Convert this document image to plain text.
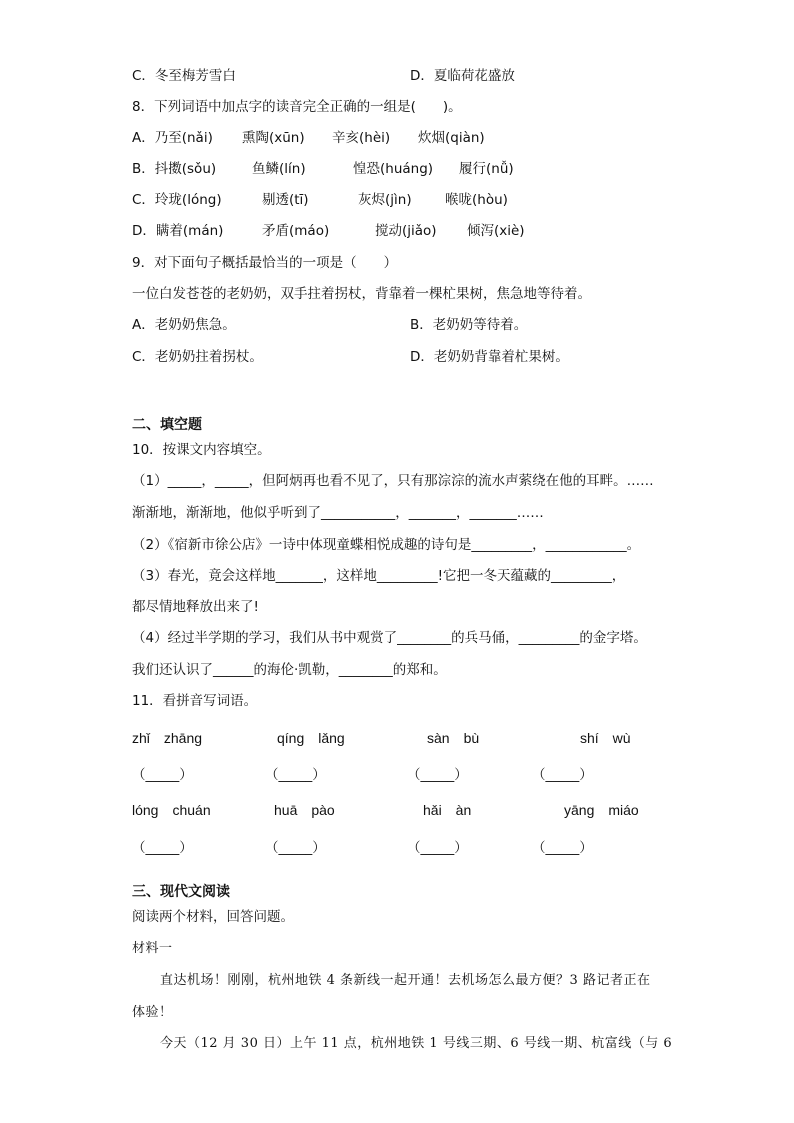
C．冬至梅芳雪白	D．夏临荷花盛放
8．下列词语中加点字的读音完全正确的一组是(　　)。
A．乃至(nǎi) 熏陶(xūn) 辛亥(hèi) 炊烟(qiàn)
B．抖擞(sǒu)	鱼鳞(lín)	惶恐(huáng) 履行(nǚ)
C．玲珑(lóng)	剔透(tī)	灰烬(jìn) 喉咙(hòu)
D．瞒着(mán)	矛盾(máo)	搅动(jiǎo) 倾泻(xiè)
9．对下面句子概括最恰当的一项是（　　）
一位白发苍苍的老奶奶，双手拄着拐杖，背靠着一棵杧果树，焦急地等待着。
A．老奶奶焦急。	B．老奶奶等待着。
C．老奶奶拄着拐杖。	D．老奶奶背靠着杧果树。
二、填空题
10．按课文内容填空。
（1）_____，_____，但阿炳再也看不见了，只有那淙淙的流水声萦绕在他的耳畔。……
渐渐地，渐渐地，他似乎听到了___________，_______，_______……
（2）《宿新市徐公店》一诗中体现童蝶相悦成趣的诗句是_________，____________。
（3）春光，竟会这样地_______，这样地_________!它把一冬天蕴藏的_________，
都尽情地释放出来了!
（4）经过半学期的学习，我们从书中观赏了________的兵马俑，_________的金字塔。
我们还认识了______的海伦·凯勒，________的郑和。
11．看拼音写词语。
zhǐ　zhāng	qíng　lǎng	sàn　bù	shí　wù
（_____）	（_____）	（_____）	（_____）
lóng　chuán	huā　pào	hǎi　àn	yāng　miáo
（_____）	（_____）	（_____）	（_____）
三、现代文阅读
阅读两个材料，回答问题。
材料一
直达机场！刚刚，杭州地铁 4 条新线一起开通！去机场怎么最方便？3 路记者正在
体验！
今天（12 月 30 日）上午 11 点，杭州地铁 1 号线三期、6 号线一期、杭富线（与 6
